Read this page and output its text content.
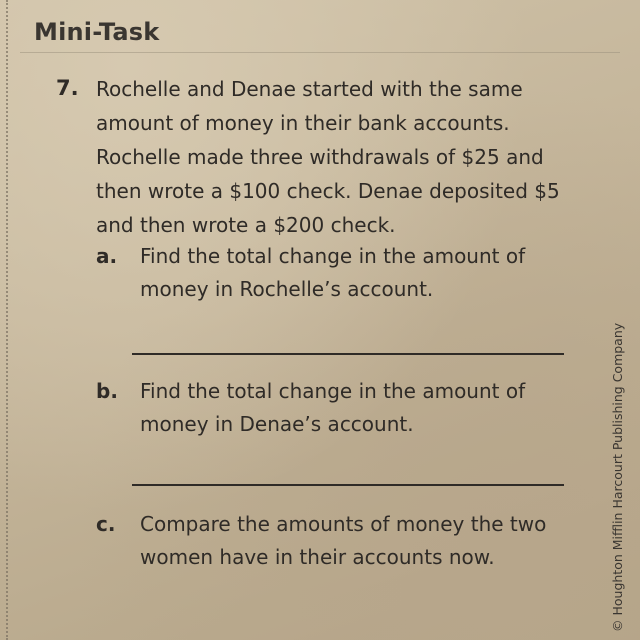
Mini-Task
7. Rochelle and Denae started with the same amount of money in their bank accounts. Rochelle made three withdrawals of $25 and then wrote a $100 check. Denae deposited $5 and then wrote a $200 check.
a.	Find the total change in the amount of money in Rochelle’s account.
b.	Find the total change in the amount of money in Denae’s account.
c.	Compare the amounts of money the two women have in their accounts now.	© Houghton Mifflin Harcourt Publishing Company
